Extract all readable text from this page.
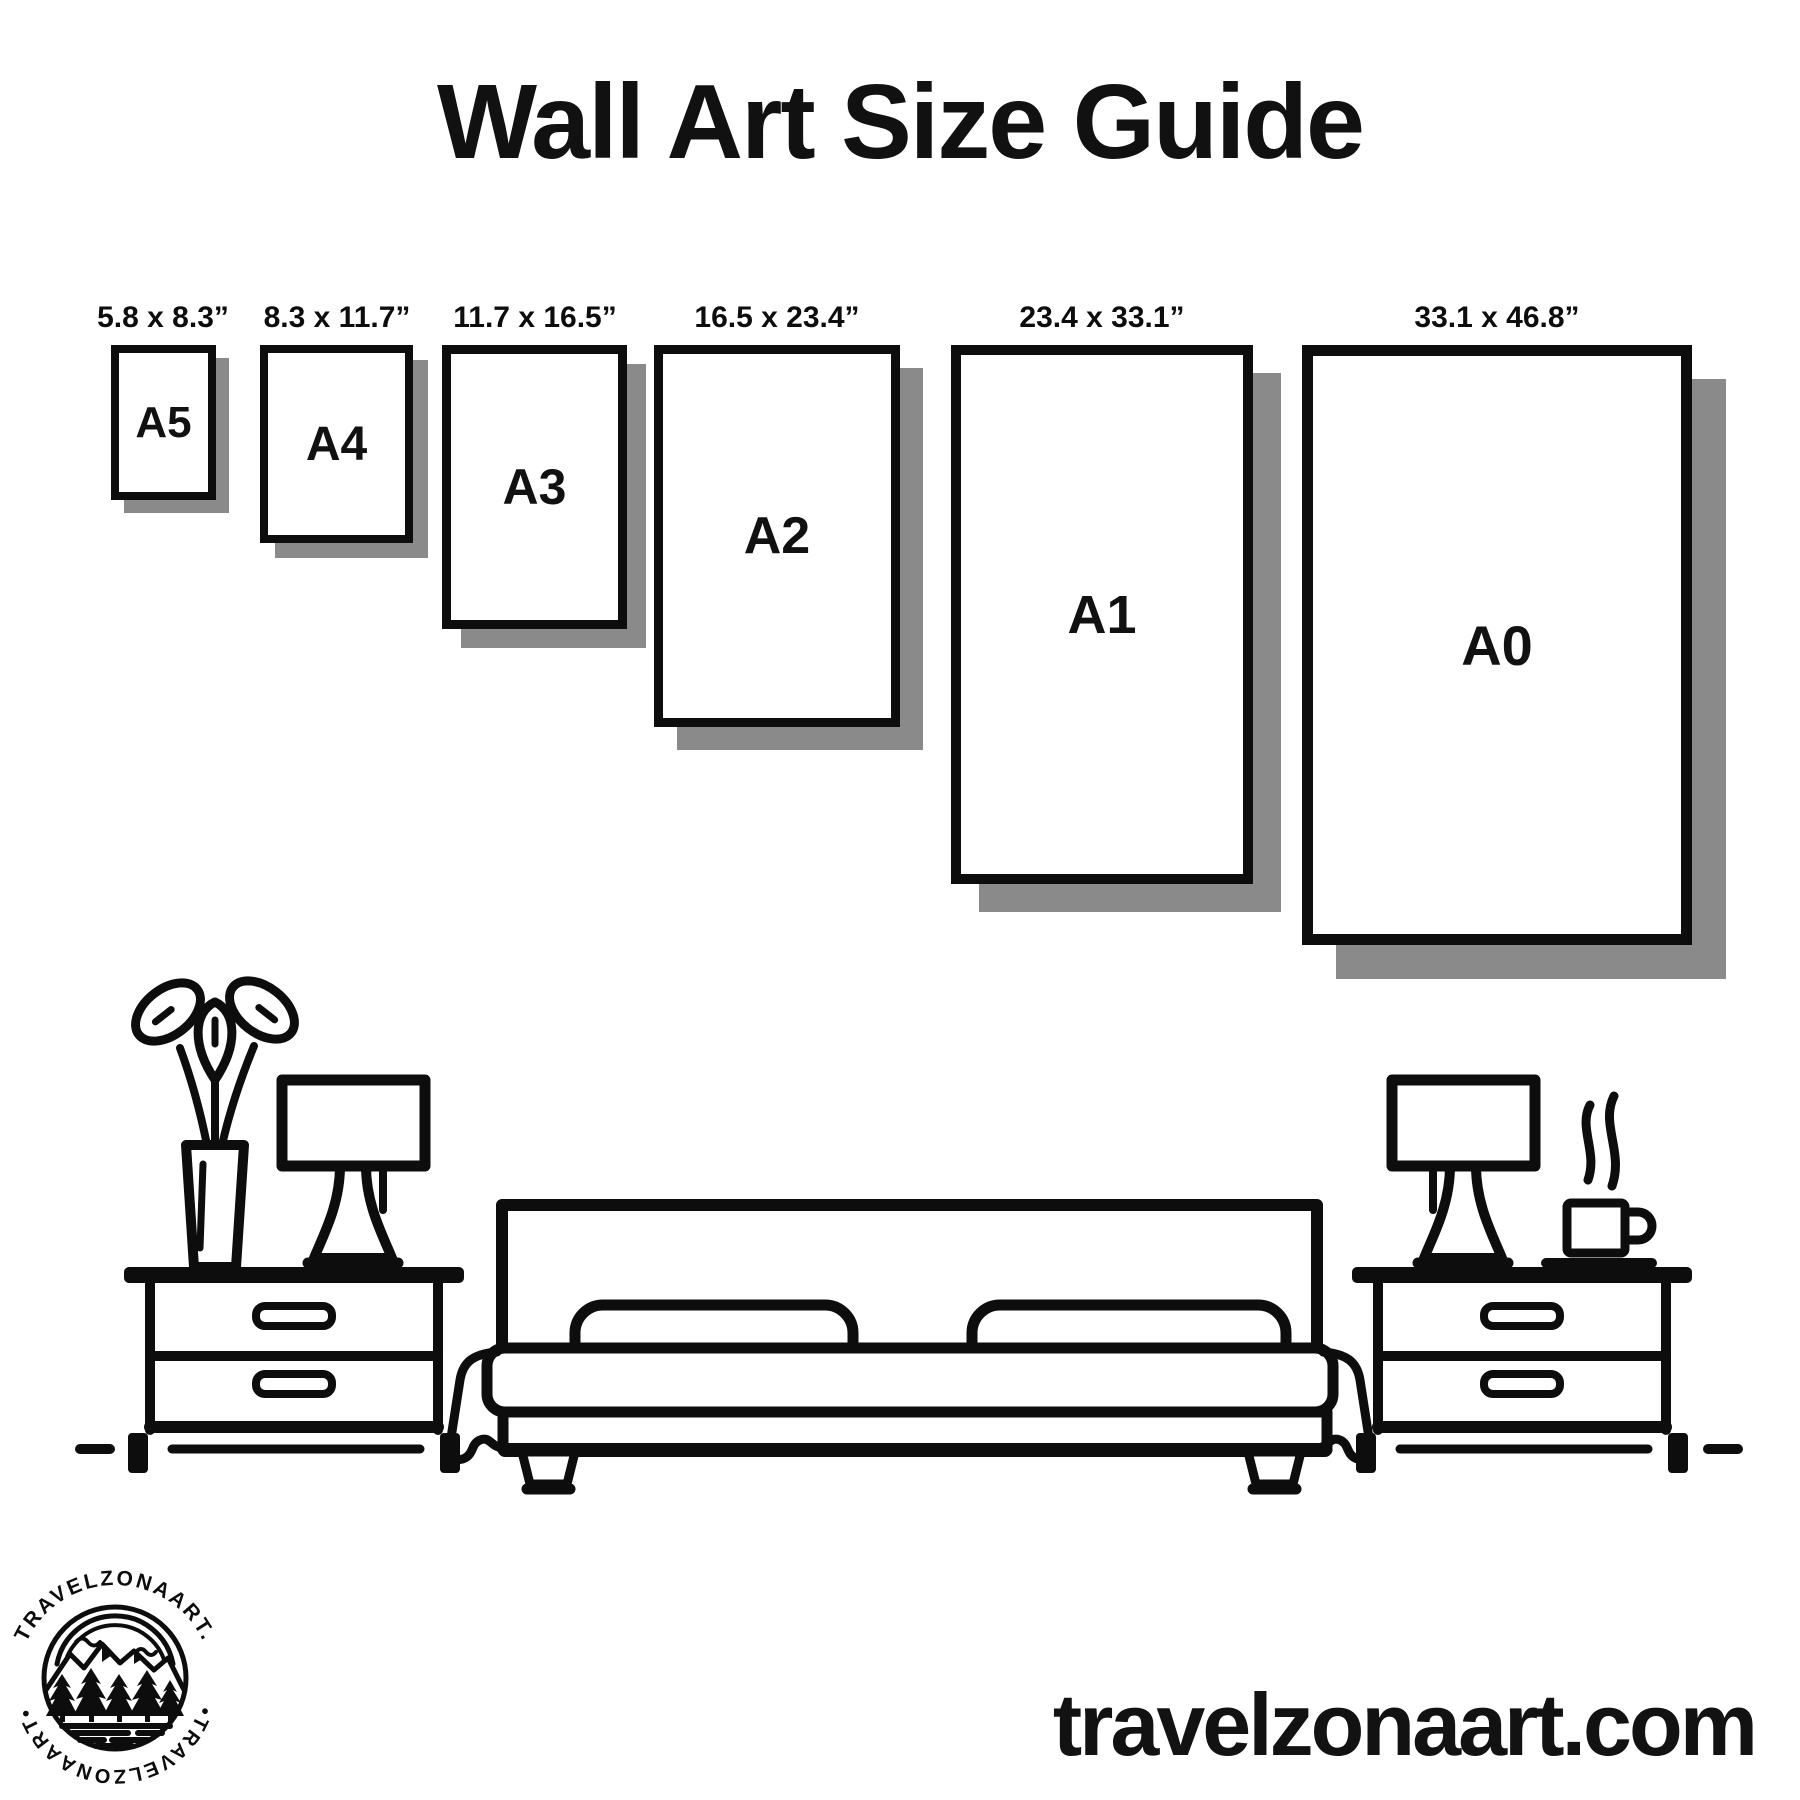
Wall Art Size Guide
5.8 x 8.3” 8.3 x 11.7” 11.7 x 16.5”	16.5 x 23.4”	23.4 x 33.1”	33.1 x 46.8”
A5 A4
A3
A2
A1	A0
TRAVELZONAART.
•TRAVELZONAART•	travelzonaart.com
